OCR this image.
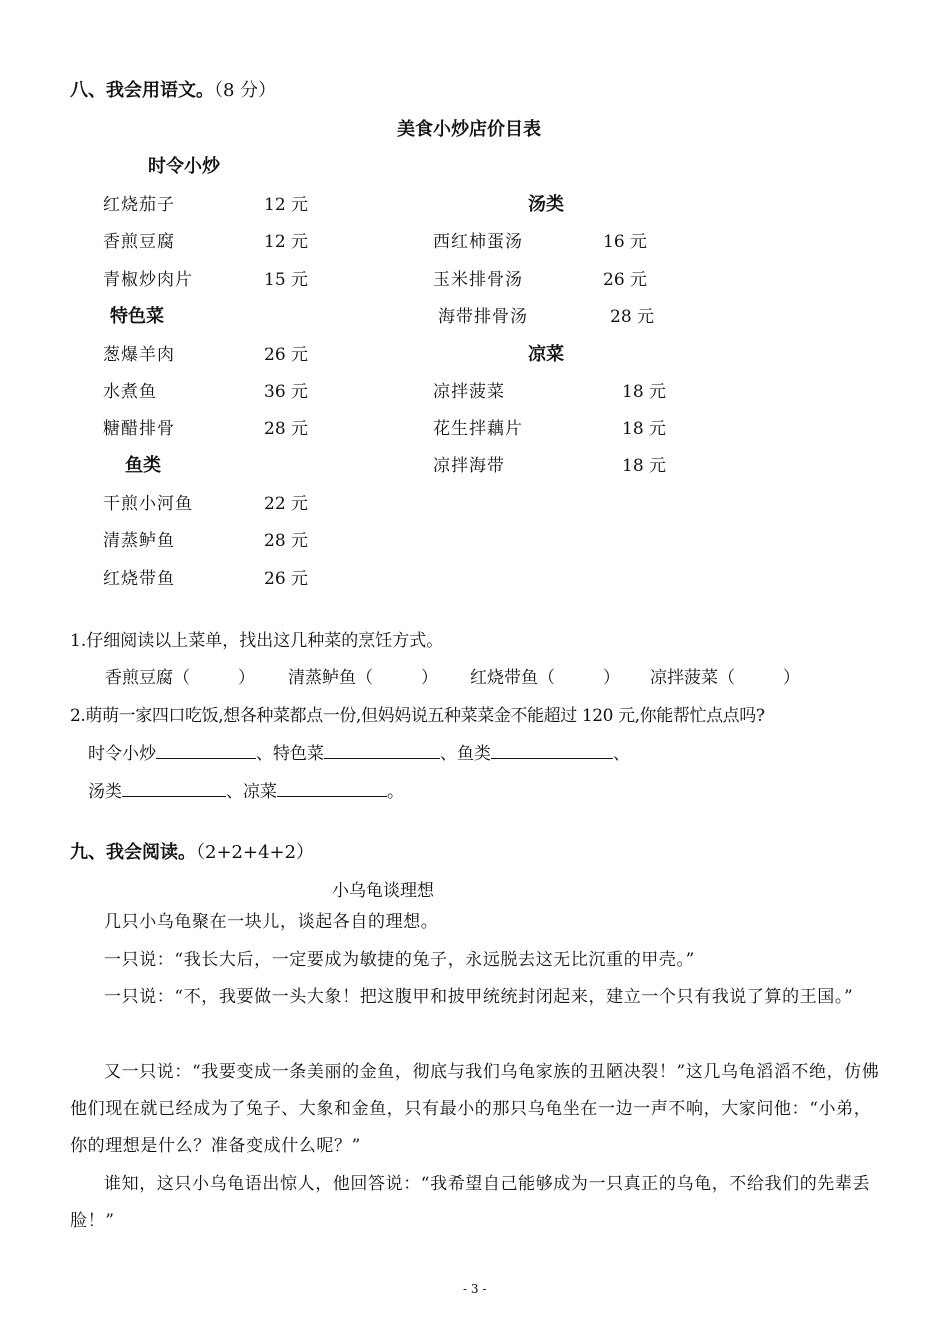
八、我会用语文。（8 分）
美食小炒店价目表
时令小炒
红烧茄子	12 元
香煎豆腐	12 元
青椒炒肉片	15 元
特色菜
葱爆羊肉	26 元
水煮鱼	36 元
糖醋排骨	28 元
鱼类
干煎小河鱼	22 元
清蒸鲈鱼	28 元
红烧带鱼	26 元
汤类
西红柿蛋汤	16 元
玉米排骨汤	26 元
海带排骨汤	28 元
凉菜
凉拌菠菜	18 元
花生拌藕片	18 元
凉拌海带	18 元
1.仔细阅读以上菜单，找出这几种菜的烹饪方式。
香煎豆腐（	） 清蒸鲈鱼（	） 红烧带鱼（	） 凉拌菠菜（	）
2.萌萌一家四口吃饭,想各种菜都点一份,但妈妈说五种菜菜金不能超过 120 元,你能帮忙点点吗?
时令小炒	、特色菜	、鱼类	、
汤类	、凉菜	。
九、我会阅读。（2+2+4+2）
小乌龟谈理想
几只小乌龟聚在一块儿，谈起各自的理想。
一只说：“我长大后，一定要成为敏捷的兔子，永远脱去这无比沉重的甲壳。”
一只说：“不，我要做一头大象！把这腹甲和披甲统统封闭起来，建立一个只有我说了算的王国。”
又一只说：“我要变成一条美丽的金鱼，彻底与我们乌龟家族的丑陋决裂！”这几乌龟滔滔不绝，仿佛他们现在就已经成为了兔子、大象和金鱼，只有最小的那只乌龟坐在一边一声不响，大家问他：“小弟，你的理想是什么？准备变成什么呢？”
谁知，这只小乌龟语出惊人，他回答说：“我希望自己能够成为一只真正的乌龟，不给我们的先辈丢脸！”
- 3 -
